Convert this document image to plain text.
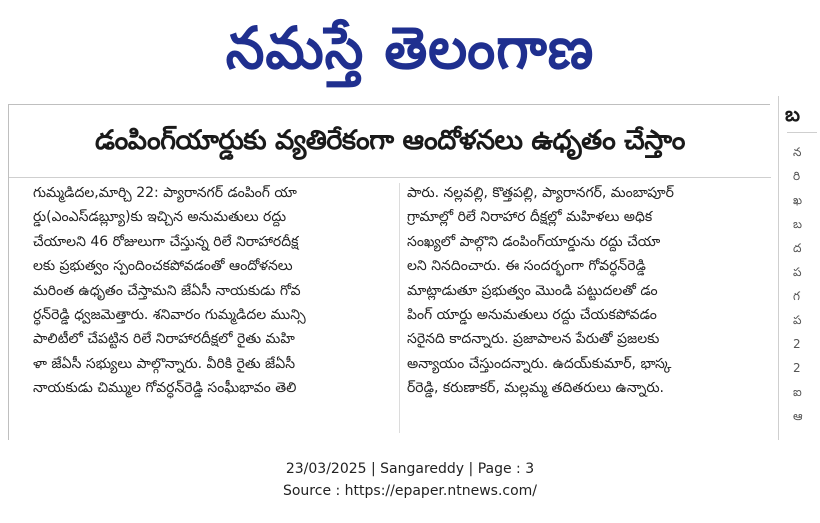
నమస్తే తెలంగాణ
డంపింగ్‌యార్డుకు వ్యతిరేకంగా ఆందోళనలు ఉధృతం చేస్తాం

గుమ్మడిదల,మార్చి 22: ప్యారానగర్ డంపింగ్ యా

ర్డు(ఎంఎస్‌డబ్ల్యూ)కు ఇచ్చిన అనుమతులు రద్దు

చేయాలని 46 రోజులుగా చేస్తున్న రిలే నిరాహారదీక్ష

లకు ప్రభుత్వం స్పందించకపోవడంతో ఆందోళనలు

మరింత ఉధృతం చేస్తామని జేఏసీ నాయకుడు గోవ

ర్ధన్‌రెడ్డి ధ్వజమెత్తారు. శనివారం గుమ్మడిదల మున్సి

పాలిటీలో చేపట్టిన రిలే నిరాహారదీక్షలో రైతు మహి

ళా జేఏసీ సభ్యులు పాల్గొన్నారు. వీరికి రైతు జేఏసీ

నాయకుడు చిమ్ముల గోవర్ధన్‌రెడ్డి సంఘీభావం తెలి

పారు. నల్లవల్లి, కొత్తపల్లి, ప్యారానగర్, మంబాపూర్

గ్రామాల్లో రిలే నిరాహార దీక్షల్లో మహిళలు అధిక

సంఖ్యలో పాల్గొని డంపింగ్‌యార్డును రద్దు చేయా

లని నినదించారు. ఈ సందర్భంగా గోవర్ధన్‌రెడ్డి

మాట్లాడుతూ ప్రభుత్వం మొండి పట్టుదలతో డం

పింగ్ యార్డు అనుమతులు రద్దు చేయకపోవడం

సరైనది కాదన్నారు. ప్రజాపాలన పేరుతో ప్రజలకు

అన్యాయం చేస్తుందన్నారు. ఉదయ్‌కుమార్, భాస్క

ర్‌రెడ్డి, కరుణాకర్, మల్లమ్మ తదితరులు ఉన్నారు.

బ
న
రి
ఖ
బ
ద
ప
గ
ప
2
2
ఐ
ఆ
23/03/2025 | Sangareddy | Page : 3
Source : https://epaper.ntnews.com/
